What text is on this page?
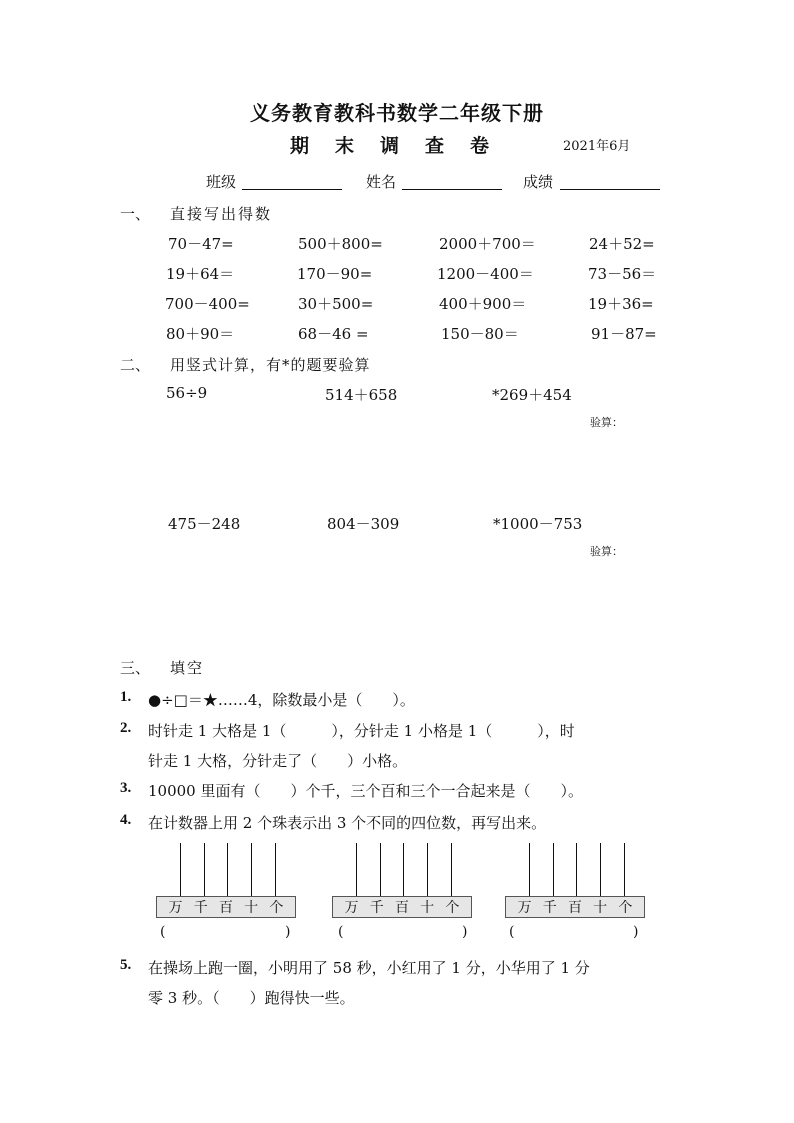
义务教育教科书数学二年级下册
期末调查卷	2021年6月
班级	姓名	成绩
一、 直接写出得数
70－47=	500＋800=	2000＋700＝	24＋52=
19＋64＝	170－90=	1200－400＝	73－56＝
700－400=	30＋500=	400＋900＝	19＋36=
80＋90＝	68－46 =	150－80＝	91－87=
二、 用竖式计算，有*的题要验算
56÷9	514＋658	*269＋454
验算：
475－248	804－309	*1000－753
验算：
三、 填空
1. ●÷□＝★……4，除数最小是（　　）。
2. 时针走 1 大格是 1（　　　），分针走 1 小格是 1（　　　），时
针走 1 大格，分针走了（　　）小格。
3. 10000 里面有（　　）个千，三个百和三个一合起来是（　　）。
4. 在计数器上用 2 个珠表示出 3 个不同的四位数，再写出来。
万 千 百 十 个
(	)
万 千 百 十 个
(	)
万 千 百 十 个
(	)
5. 在操场上跑一圈，小明用了 58 秒，小红用了 1 分，小华用了 1 分
零 3 秒。（　　）跑得快一些。
